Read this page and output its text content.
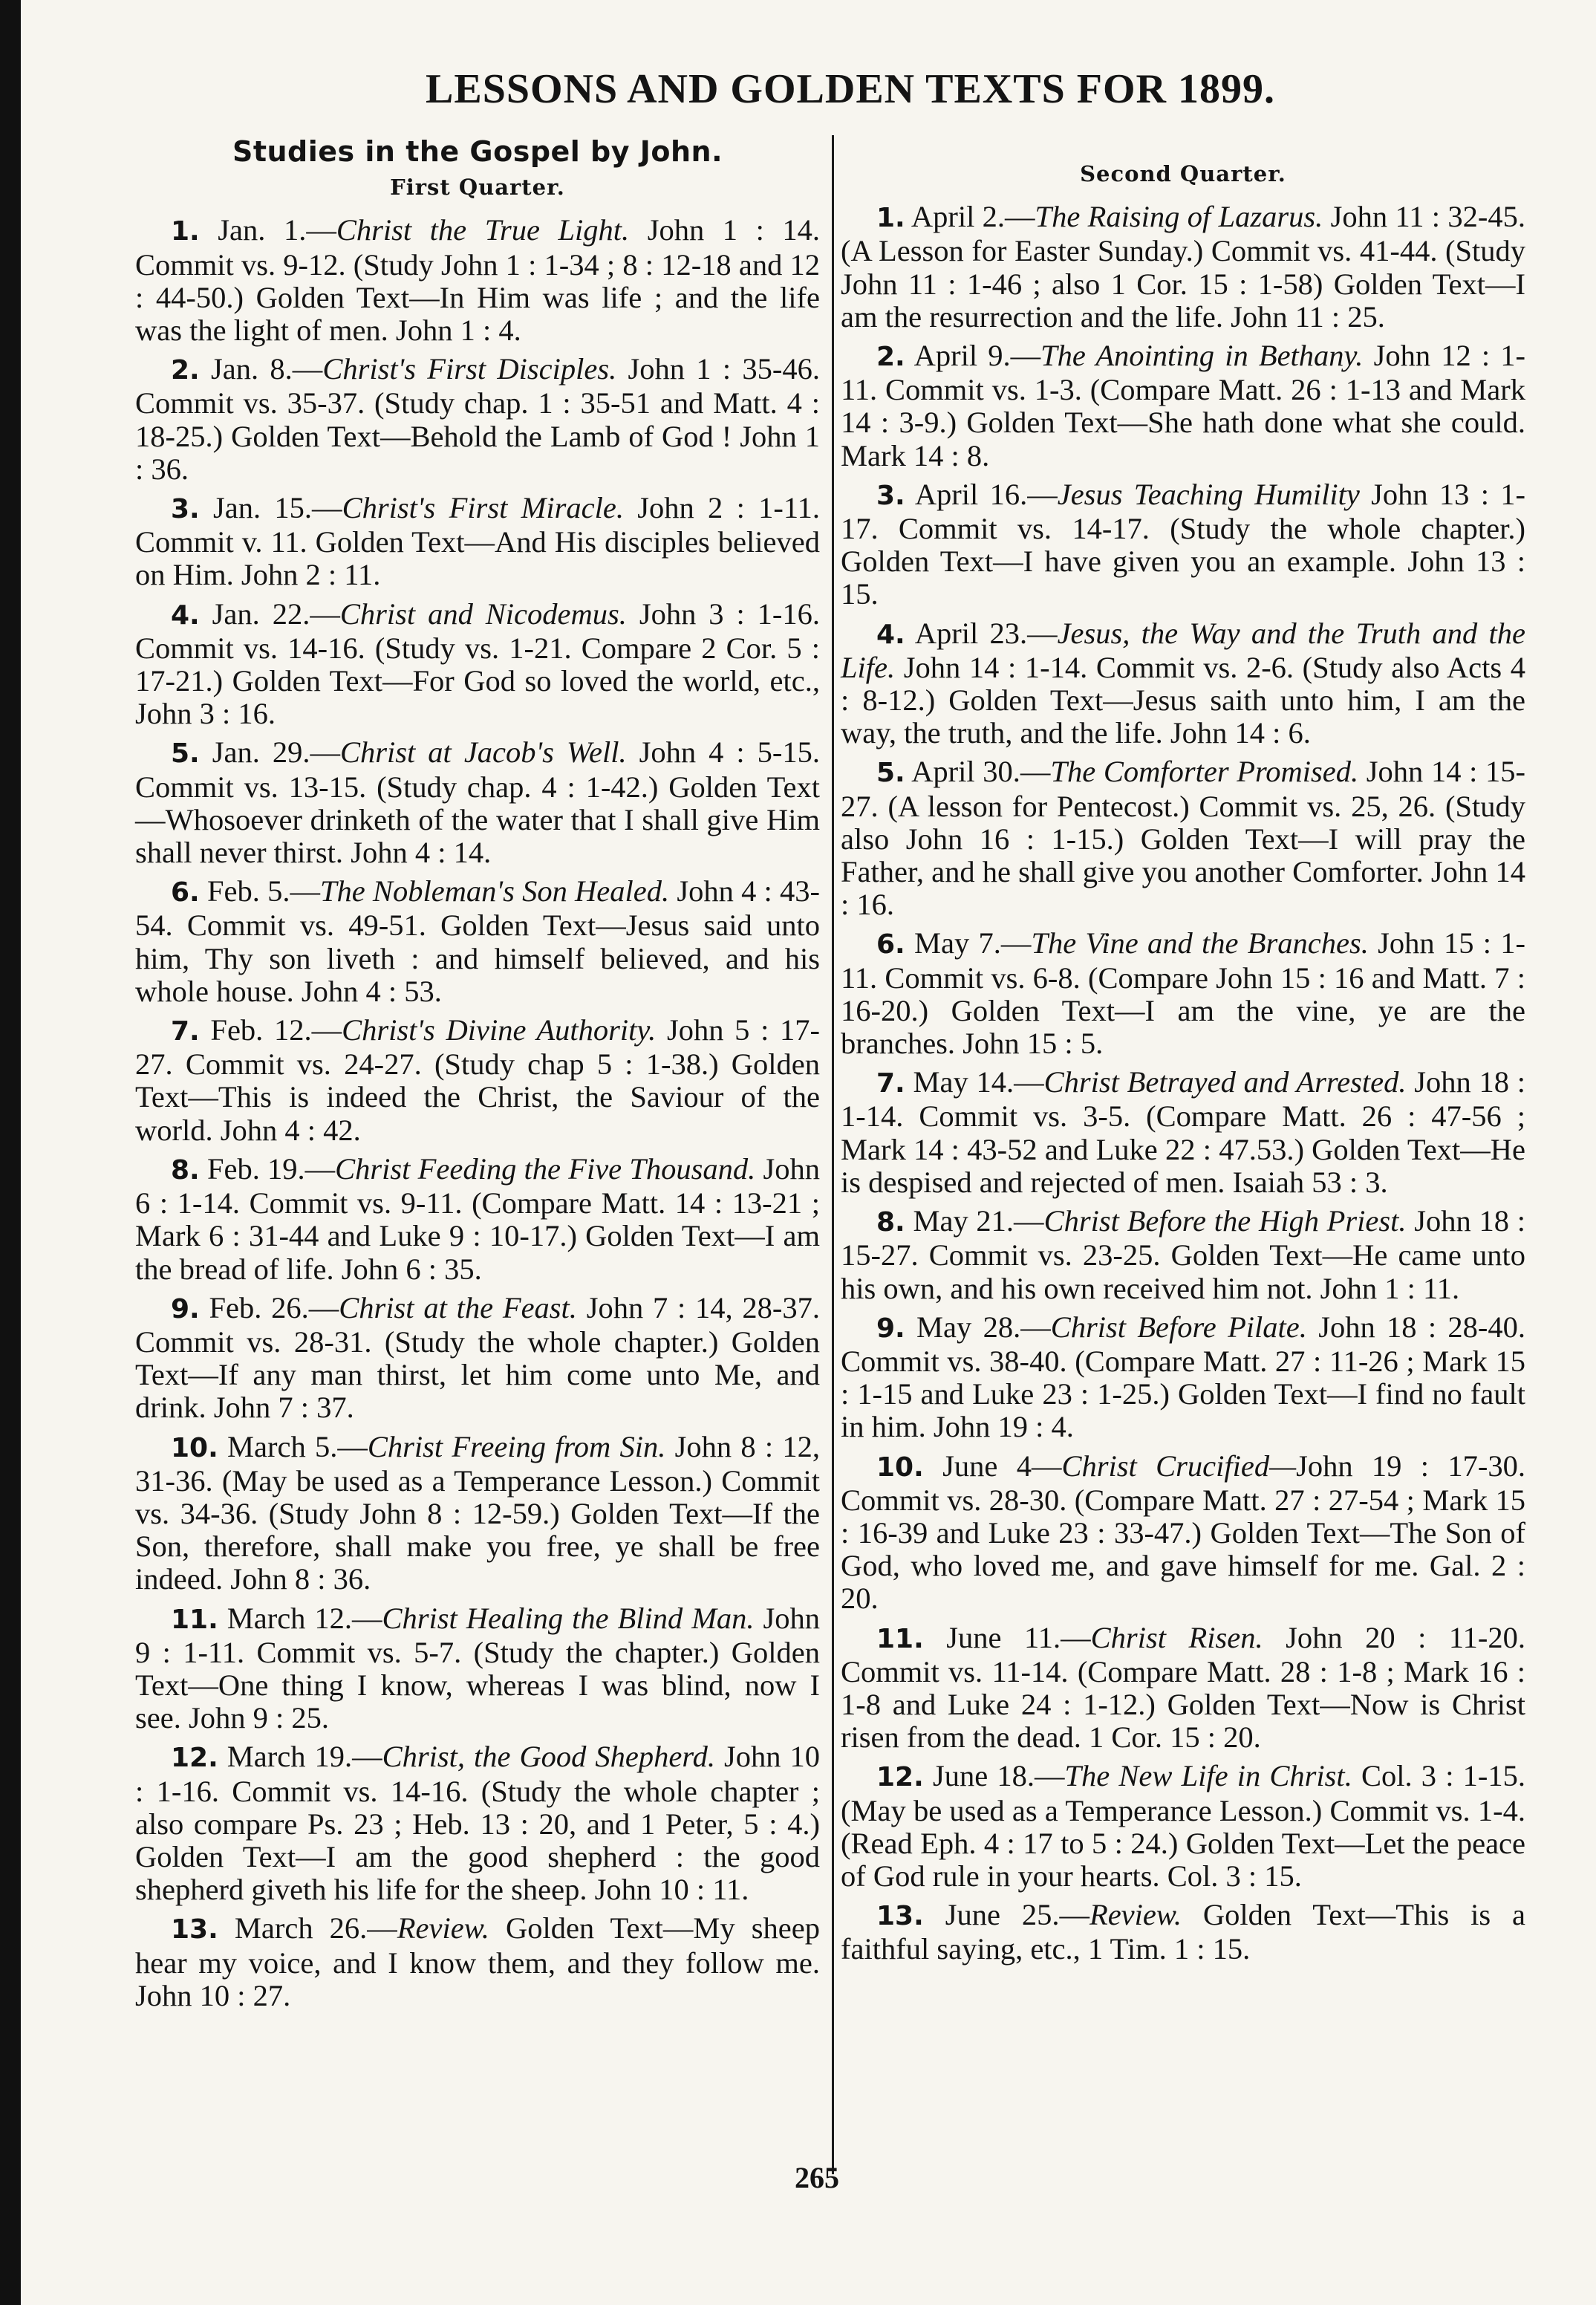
LESSONS AND GOLDEN TEXTS FOR 1899.
Studies in the Gospel by John.
First Quarter.

1. Jan. 1.—Christ the True Light. John 1 : 14. Commit vs. 9-12. (Study John 1 : 1-34 ; 8 : 12-18 and 12 : 44-50.) Golden Text—In Him was life ; and the life was the light of men. John 1 : 4.

2. Jan. 8.—Christ's First Disciples. John 1 : 35-46. Commit vs. 35-37. (Study chap. 1 : 35-51 and Matt. 4 : 18-25.) Golden Text—Behold the Lamb of God ! John 1 : 36.

3. Jan. 15.—Christ's First Miracle. John 2 : 1-11. Commit v. 11. Golden Text—And His disciples believed on Him. John 2 : 11.

4. Jan. 22.—Christ and Nicodemus. John 3 : 1-16. Commit vs. 14-16. (Study vs. 1-21. Compare 2 Cor. 5 : 17-21.) Golden Text—For God so loved the world, etc., John 3 : 16.

5. Jan. 29.—Christ at Jacob's Well. John 4 : 5-15. Commit vs. 13-15. (Study chap. 4 : 1-42.) Golden Text—Whosoever drinketh of the water that I shall give Him shall never thirst. John 4 : 14.

6. Feb. 5.—The Nobleman's Son Healed. John 4 : 43-54. Commit vs. 49-51. Golden Text—Jesus said unto him, Thy son liveth : and himself believed, and his whole house. John 4 : 53.

7. Feb. 12.—Christ's Divine Authority. John 5 : 17-27. Commit vs. 24-27. (Study chap 5 : 1-38.) Golden Text—This is indeed the Christ, the Saviour of the world. John 4 : 42.

8. Feb. 19.—Christ Feeding the Five Thousand. John 6 : 1-14. Commit vs. 9-11. (Compare Matt. 14 : 13-21 ; Mark 6 : 31-44 and Luke 9 : 10-17.) Golden Text—I am the bread of life. John 6 : 35.

9. Feb. 26.—Christ at the Feast. John 7 : 14, 28-37. Commit vs. 28-31. (Study the whole chapter.) Golden Text—If any man thirst, let him come unto Me, and drink. John 7 : 37.

10. March 5.—Christ Freeing from Sin. John 8 : 12, 31-36. (May be used as a Temperance Lesson.) Commit vs. 34-36. (Study John 8 : 12-59.) Golden Text—If the Son, therefore, shall make you free, ye shall be free indeed. John 8 : 36.

11. March 12.—Christ Healing the Blind Man. John 9 : 1-11. Commit vs. 5-7. (Study the chapter.) Golden Text—One thing I know, whereas I was blind, now I see. John 9 : 25.

12. March 19.—Christ, the Good Shepherd. John 10 : 1-16. Commit vs. 14-16. (Study the whole chapter ; also compare Ps. 23 ; Heb. 13 : 20, and 1 Peter, 5 : 4.) Golden Text—I am the good shepherd : the good shepherd giveth his life for the sheep. John 10 : 11.

13. March 26.—Review. Golden Text—My sheep hear my voice, and I know them, and they follow me. John 10 : 27.

Second Quarter.

1. April 2.—The Raising of Lazarus. John 11 : 32-45. (A Lesson for Easter Sunday.) Commit vs. 41-44. (Study John 11 : 1-46 ; also 1 Cor. 15 : 1-58) Golden Text—I am the resurrection and the life. John 11 : 25.

2. April 9.—The Anointing in Bethany. John 12 : 1-11. Commit vs. 1-3. (Compare Matt. 26 : 1-13 and Mark 14 : 3-9.) Golden Text—She hath done what she could. Mark 14 : 8.

3. April 16.—Jesus Teaching Humility John 13 : 1-17. Commit vs. 14-17. (Study the whole chapter.) Golden Text—I have given you an example. John 13 : 15.

4. April 23.—Jesus, the Way and the Truth and the Life. John 14 : 1-14. Commit vs. 2-6. (Study also Acts 4 : 8-12.) Golden Text—Jesus saith unto him, I am the way, the truth, and the life. John 14 : 6.

5. April 30.—The Comforter Promised. John 14 : 15-27. (A lesson for Pentecost.) Commit vs. 25, 26. (Study also John 16 : 1-15.) Golden Text—I will pray the Father, and he shall give you another Comforter. John 14 : 16.

6. May 7.—The Vine and the Branches. John 15 : 1-11. Commit vs. 6-8. (Compare John 15 : 16 and Matt. 7 : 16-20.) Golden Text—I am the vine, ye are the branches. John 15 : 5.

7. May 14.—Christ Betrayed and Arrested. John 18 : 1-14. Commit vs. 3-5. (Compare Matt. 26 : 47-56 ; Mark 14 : 43-52 and Luke 22 : 47.53.) Golden Text—He is despised and rejected of men. Isaiah 53 : 3.

8. May 21.—Christ Before the High Priest. John 18 : 15-27. Commit vs. 23-25. Golden Text—He came unto his own, and his own received him not. John 1 : 11.

9. May 28.—Christ Before Pilate. John 18 : 28-40. Commit vs. 38-40. (Compare Matt. 27 : 11-26 ; Mark 15 : 1-15 and Luke 23 : 1-25.) Golden Text—I find no fault in him. John 19 : 4.

10. June 4—Christ Crucified—John 19 : 17-30. Commit vs. 28-30. (Compare Matt. 27 : 27-54 ; Mark 15 : 16-39 and Luke 23 : 33-47.) Golden Text—The Son of God, who loved me, and gave himself for me. Gal. 2 : 20.

11. June 11.—Christ Risen. John 20 : 11-20. Commit vs. 11-14. (Compare Matt. 28 : 1-8 ; Mark 16 : 1-8 and Luke 24 : 1-12.) Golden Text—Now is Christ risen from the dead. 1 Cor. 15 : 20.

12. June 18.—The New Life in Christ. Col. 3 : 1-15. (May be used as a Temperance Lesson.) Commit vs. 1-4. (Read Eph. 4 : 17 to 5 : 24.) Golden Text—Let the peace of God rule in your hearts. Col. 3 : 15.

13. June 25.—Review. Golden Text—This is a faithful saying, etc., 1 Tim. 1 : 15.

265
